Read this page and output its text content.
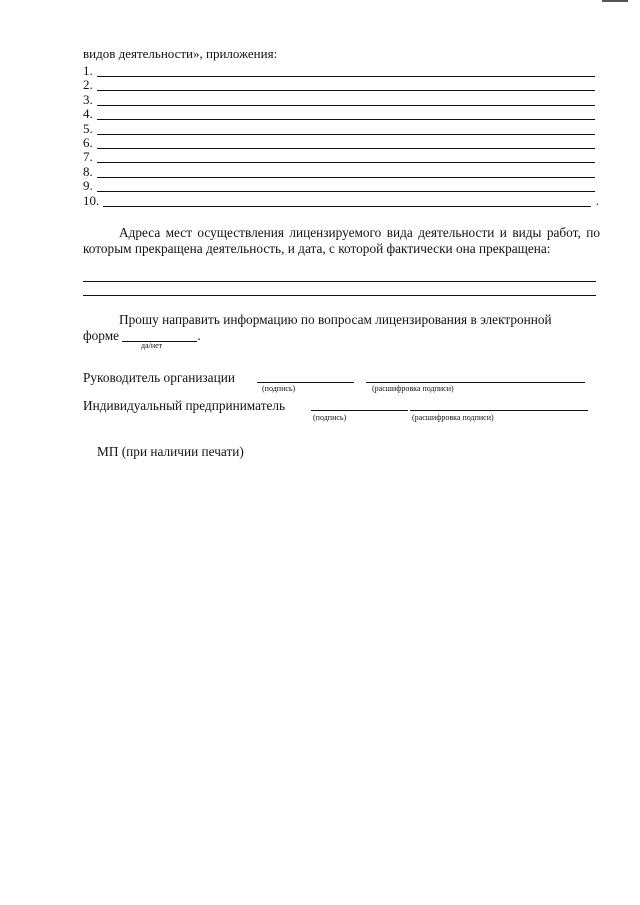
видов деятельности», приложения:
1.
2.
3.
4.
5.
6.
7.
8.
9.
10.	.

Адреса мест осуществления лицензируемого вида деятельности и виды работ, по которым прекращена деятельность, и дата, с которой фактически она прекращена:

Прошу направить информацию по вопросам лицензирования в электронной

форме	.
да/нет
Руководитель организации
(подпись)	(расшифровка подписи)
Индивидуальный предприниматель
(подпись)	(расшифровка подписи)
МП (при наличии печати)
